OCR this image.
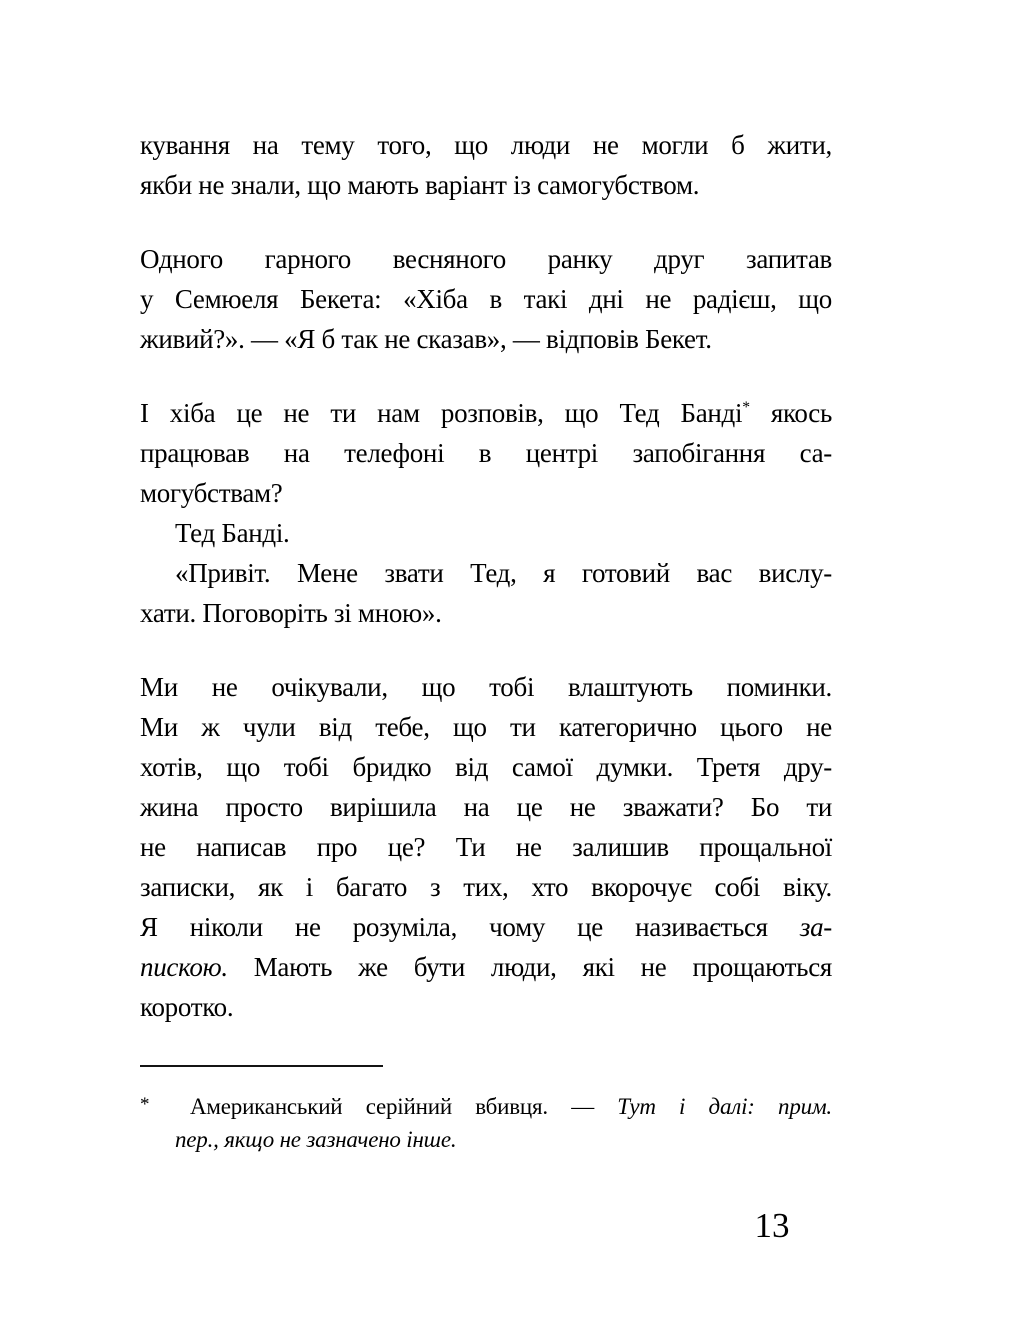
кування на тему того, що люди не могли б жити,
якби не знали, що мають варіант із самогубством.
Одного гарного весняного ранку друг запитав
у Семюеля Бекета: «Хіба в такі дні не радієш, що
живий?». — «Я б так не сказав», — відповів Бекет.
І хіба це не ти нам розповів, що Тед Банді* якось
працював на телефоні в центрі запобігання са-
могубствам?
Тед Банді.
«Привіт. Мене звати Тед, я готовий вас вислу-
хати. Поговоріть зі мною».
Ми не очікували, що тобі влаштують поминки.
Ми ж чули від тебе, що ти категорично цього не
хотів, що тобі бридко від самої думки. Третя дру-
жина просто вирішила на це не зважати? Бо ти
не написав про це? Ти не залишив прощальної
записки, як і багато з тих, хто вкорочує собі віку.
Я ніколи не розуміла, чому це називається за-
пискою. Мають же бути люди, які не прощаються
коротко.
*	Американський серійний вбивця. — Тут і далі: прим.
пер., якщо не зазначено інше.
13
